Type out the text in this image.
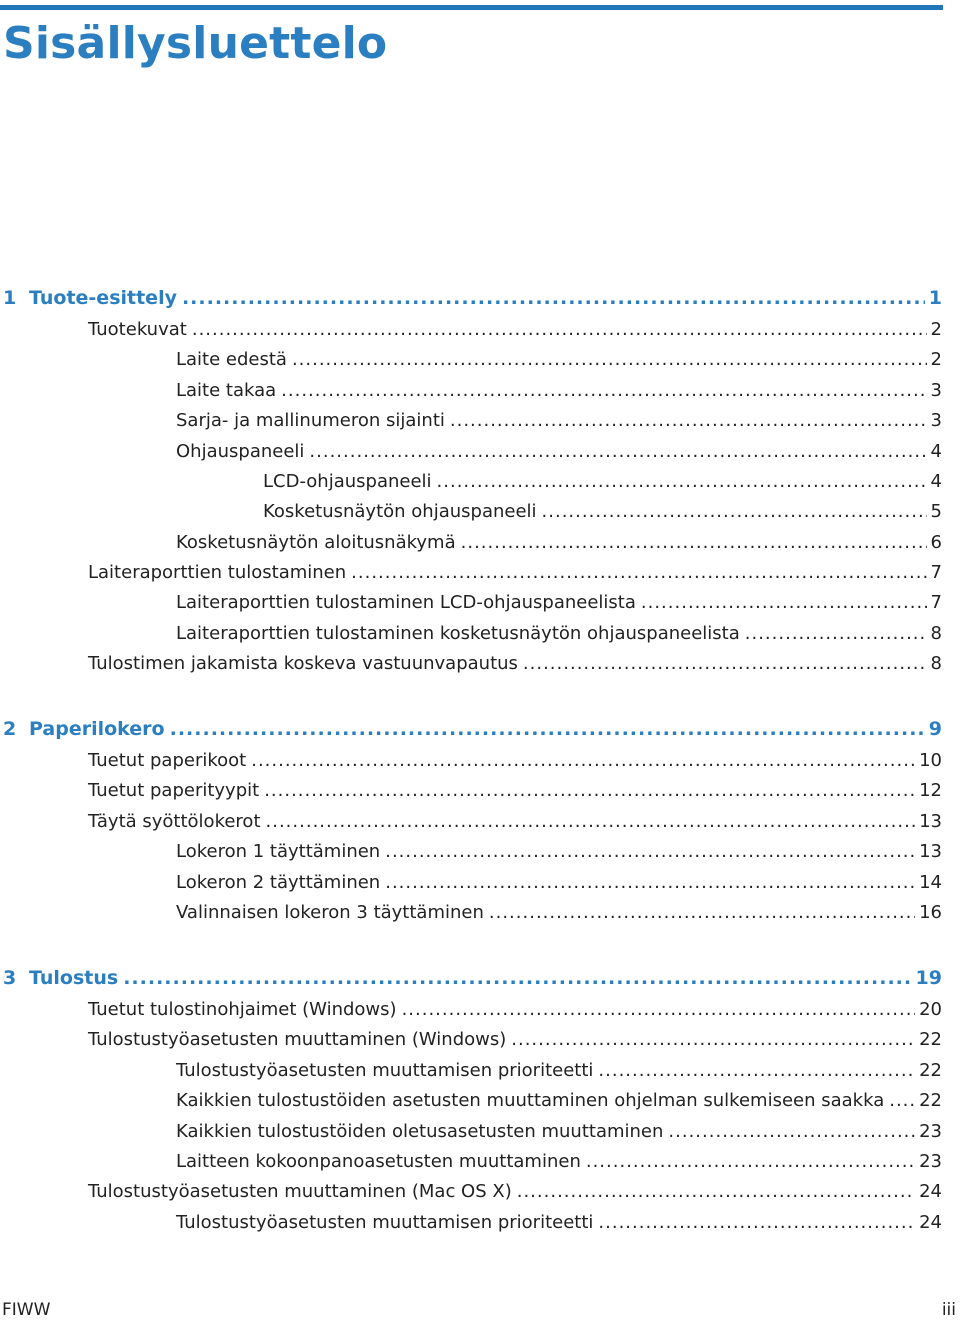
Sisällysluettelo
1 Tuote-esittely .....	1
Tuotekuvat .....	2
Laite edestä .....	2
Laite takaa .....	3
Sarja- ja mallinumeron sijainti .....	3
Ohjauspaneeli .....	4
LCD-ohjauspaneeli .....	4
Kosketusnäytön ohjauspaneeli .....	5
Kosketusnäytön aloitusnäkymä .....	6
Laiteraporttien tulostaminen .....	7
Laiteraporttien tulostaminen LCD-ohjauspaneelista .....	7
Laiteraporttien tulostaminen kosketusnäytön ohjauspaneelista .....	8
Tulostimen jakamista koskeva vastuunvapautus .....	8
2 Paperilokero .....	9
Tuetut paperikoot .....	10
Tuetut paperityypit .....	12
Täytä syöttölokerot .....	13
Lokeron 1 täyttäminen .....	13
Lokeron 2 täyttäminen .....	14
Valinnaisen lokeron 3 täyttäminen .....	16
3 Tulostus .....	19
Tuetut tulostinohjaimet (Windows) .....	20
Tulostustyöasetusten muuttaminen (Windows) .....	22
Tulostustyöasetusten muuttamisen prioriteetti .....	22
Kaikkien tulostustöiden asetusten muuttaminen ohjelman sulkemiseen saakka ..... 22
Kaikkien tulostustöiden oletusasetusten muuttaminen .....	23
Laitteen kokoonpanoasetusten muuttaminen .....	23
Tulostustyöasetusten muuttaminen (Mac OS X) .....	24
Tulostustyöasetusten muuttamisen prioriteetti .....	24
FIWW	iii
